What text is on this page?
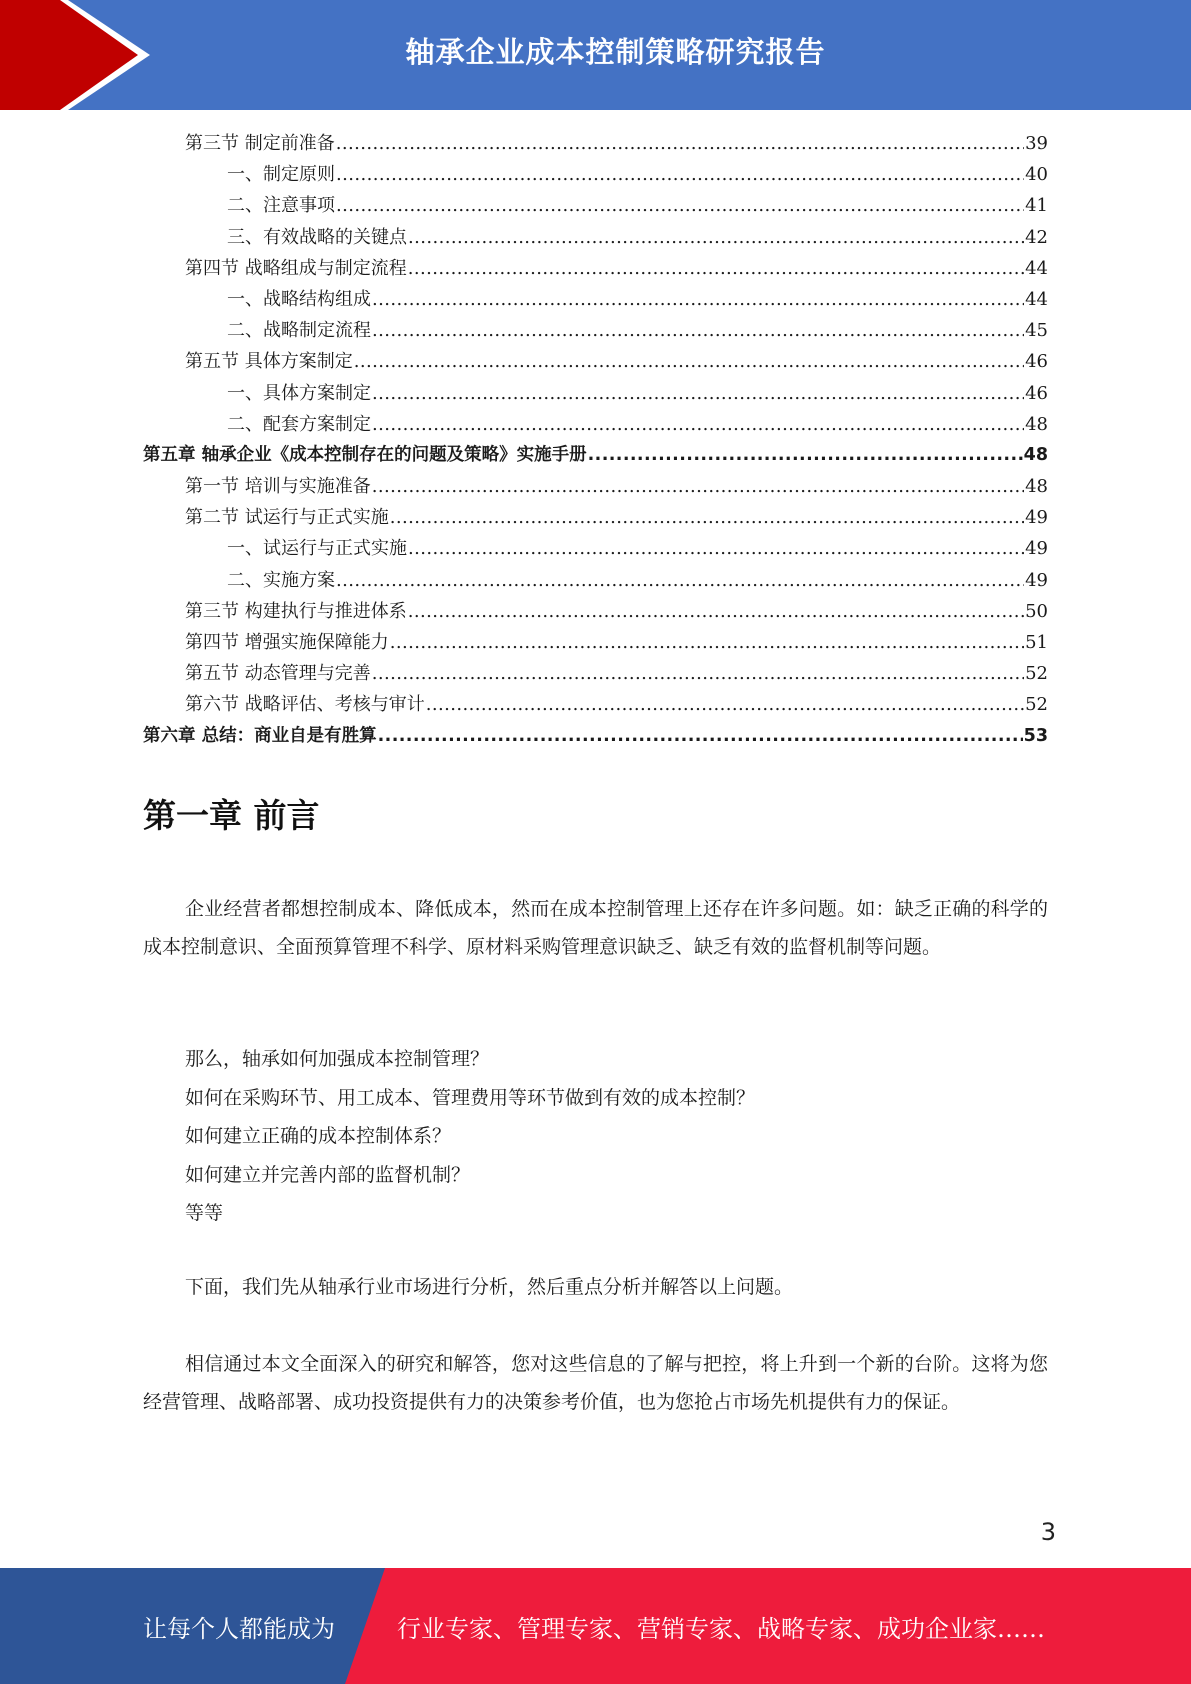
轴承企业成本控制策略研究报告
第三节 制定前准备 .....	39
一、制定原则 .....	40
二、注意事项 .....	41
三、有效战略的关键点 .....	42
第四节 战略组成与制定流程 .....	44
一、战略结构组成 .....	44
二、战略制定流程 .....	45
第五节 具体方案制定 .....	46
一、具体方案制定 .....	46
二、配套方案制定 .....	48
第五章 轴承企业《成本控制存在的问题及策略》实施手册 .....	48
第一节 培训与实施准备 .....	48
第二节 试运行与正式实施 .....	49
一、试运行与正式实施 .....	49
二、实施方案 .....	49
第三节 构建执行与推进体系 .....	50
第四节 增强实施保障能力 .....	51
第五节 动态管理与完善 .....	52
第六节 战略评估、考核与审计 .....	52
第六章 总结：商业自是有胜算 .....	53
第一章 前言
企业经营者都想控制成本、降低成本，然而在成本控制管理上还存在许多问题。如：缺乏正确的科学的成本控制意识、全面预算管理不科学、原材料采购管理意识缺乏、缺乏有效的监督机制等问题。
那么，轴承如何加强成本控制管理？
如何在采购环节、用工成本、管理费用等环节做到有效的成本控制？
如何建立正确的成本控制体系？
如何建立并完善内部的监督机制？
等等
下面，我们先从轴承行业市场进行分析，然后重点分析并解答以上问题。
相信通过本文全面深入的研究和解答，您对这些信息的了解与把控，将上升到一个新的台阶。这将为您经营管理、战略部署、成功投资提供有力的决策参考价值，也为您抢占市场先机提供有力的保证。
3
让每个人都能成为	行业专家、管理专家、营销专家、战略专家、成功企业家……
